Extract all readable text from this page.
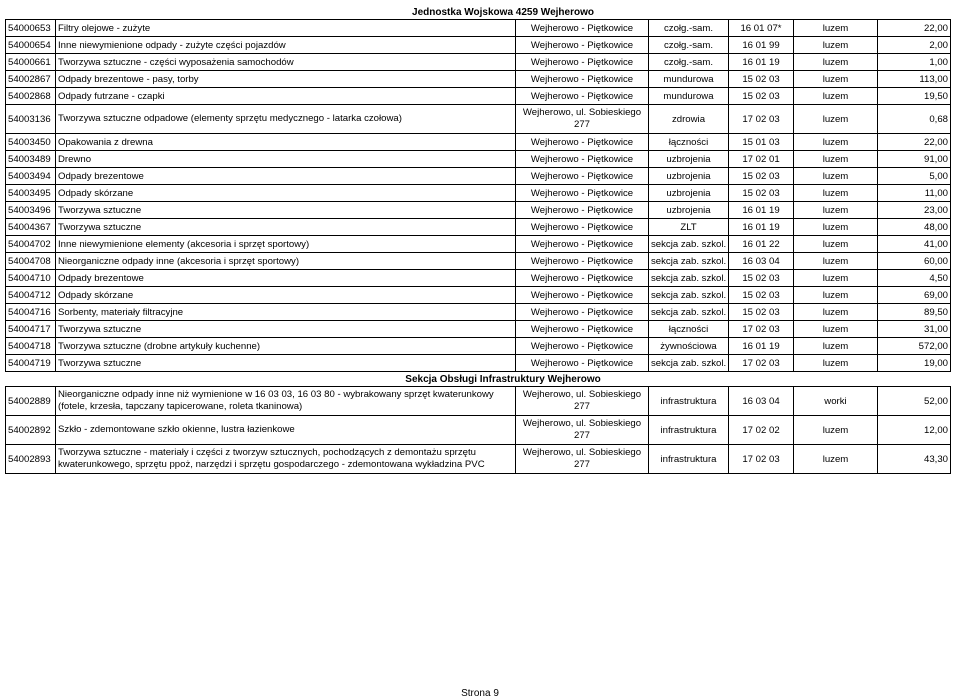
	Jednostka Wojskowa 4259 Wejherowo					
54000653	Filtry olejowe - zużyte	Wejherowo - Piętkowice	czołg.-sam.	16 01 07*	luzem	22,00
54000654	Inne niewymienione odpady - zużyte części pojazdów	Wejherowo - Piętkowice	czołg.-sam.	16 01 99	luzem	2,00
54000661	Tworzywa sztuczne - części wyposażenia samochodów	Wejherowo - Piętkowice	czołg.-sam.	16 01 19	luzem	1,00
54002867	Odpady brezentowe - pasy, torby	Wejherowo - Piętkowice	mundurowa	15 02 03	luzem	113,00
54002868	Odpady futrzane - czapki	Wejherowo - Piętkowice	mundurowa	15 02 03	luzem	19,50
54003136	Tworzywa sztuczne odpadowe (elementy sprzętu medycznego - latarka czołowa)	Wejherowo, ul. Sobieskiego 277	zdrowia	17 02 03	luzem	0,68
54003450	Opakowania z drewna	Wejherowo - Piętkowice	łączności	15 01 03	luzem	22,00
54003489	Drewno	Wejherowo - Piętkowice	uzbrojenia	17 02 01	luzem	91,00
54003494	Odpady brezentowe	Wejherowo - Piętkowice	uzbrojenia	15 02 03	luzem	5,00
54003495	Odpady skórzane	Wejherowo - Piętkowice	uzbrojenia	15 02 03	luzem	11,00
54003496	Tworzywa sztuczne	Wejherowo - Piętkowice	uzbrojenia	16 01 19	luzem	23,00
54004367	Tworzywa sztuczne	Wejherowo - Piętkowice	ZLT	16 01 19	luzem	48,00
54004702	Inne niewymienione elementy (akcesoria i sprzęt sportowy)	Wejherowo - Piętkowice	sekcja zab. szkol.	16 01 22	luzem	41,00
54004708	Nieorganiczne odpady inne (akcesoria i sprzęt sportowy)	Wejherowo - Piętkowice	sekcja zab. szkol.	16 03 04	luzem	60,00
54004710	Odpady brezentowe	Wejherowo - Piętkowice	sekcja zab. szkol.	15 02 03	luzem	4,50
54004712	Odpady skórzane	Wejherowo - Piętkowice	sekcja zab. szkol.	15 02 03	luzem	69,00
54004716	Sorbenty, materiały filtracyjne	Wejherowo - Piętkowice	sekcja zab. szkol.	15 02 03	luzem	89,50
54004717	Tworzywa sztuczne	Wejherowo - Piętkowice	łączności	17 02 03	luzem	31,00
54004718	Tworzywa sztuczne (drobne artykuły kuchenne)	Wejherowo - Piętkowice	żywnościowa	16 01 19	luzem	572,00
54004719	Tworzywa sztuczne	Wejherowo - Piętkowice	sekcja zab. szkol.	17 02 03	luzem	19,00
	Sekcja Obsługi Infrastruktury Wejherowo					
54002889	Nieorganiczne odpady inne niż wymienione w 16 03 03, 16 03 80 - wybrakowany sprzęt kwaterunkowy (fotele, krzesła, tapczany tapicerowane, roleta tkaninowa)	Wejherowo, ul. Sobieskiego 277	infrastruktura	16 03 04	worki	52,00
54002892	Szkło - zdemontowane szkło okienne, lustra łazienkowe	Wejherowo, ul. Sobieskiego 277	infrastruktura	17 02 02	luzem	12,00
54002893	Tworzywa sztuczne - materiały i części z tworzyw sztucznych, pochodzących z demontażu sprzętu kwaterunkowego, sprzętu ppoż, narzędzi i sprzętu gospodarczego - zdemontowana wykładzina PVC	Wejherowo, ul. Sobieskiego 277	infrastruktura	17 02 03	luzem	43,30
Strona 9
